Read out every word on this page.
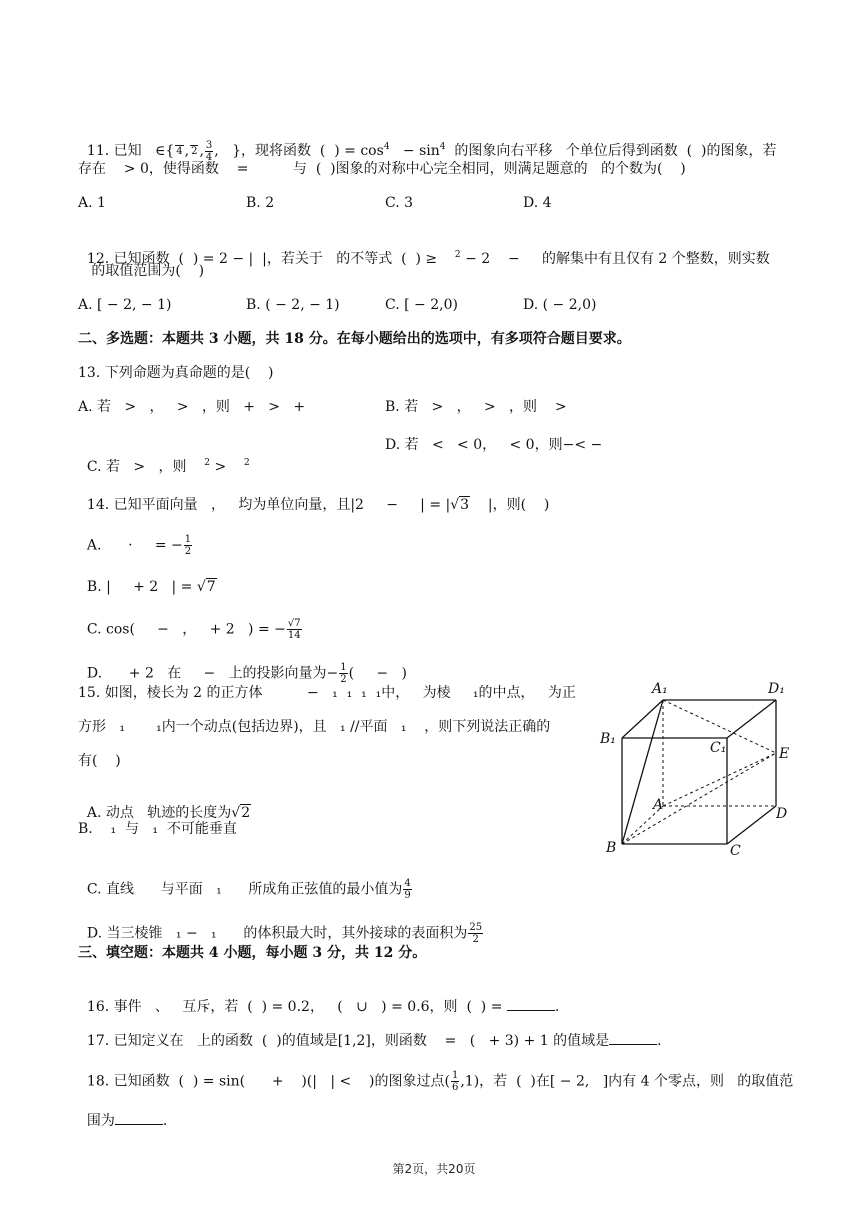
11. 已知   ∈{ 4 , 2 , $\frac{3}{4}$ ,   }，现将函数  (  ) = $\cos^4 - \sin^4$  的图象向右平移   个单位后得到函数  (  )的图象，若

存在    > 0，使得函数    =          与  (  )图象的对称中心完全相同，则满足题意的   的个数为(    )
A. 1	B. 2	C. 3	D. 4

12. 已知函数  (  ) = 2 − |  |，若关于   的不等式  (  ) ≥    $^2$ − 2    −     的解集中有且仅有 2 个整数，则实数

的取值范围为(    )
A. [ − 2, − 1)	B. ( − 2, − 1)	C. [ − 2,0)	D. ( − 2,0)
二、多选题：本题共 3 小题，共 18 分。在每小题给出的选项中，有多项符合题目要求。
13. 下列命题为真命题的是(    )
A. 若   >   ，   >   ，则   +   >   +	B. 若   >   ，   >   ，则    >

C. 若   >   ，则    $^2$ >    $^2$

D. 若   <   < 0，   < 0，则−< −

14. 已知平面向量   ，   均为单位向量，且|2     −     | = |√3    |，则(    )

A.      ·     = − $\frac{1}{2}$

B. |     + 2   | = √7

C. cos(     −   ，   + 2   ) = − $\frac{√7}{14}$

D.      + 2   在     −   上的投影向量为− $\frac{1}{2}$ (     −   )

15. 如图，棱长为 2 的正方体          −   ₁  ₁  ₁  ₁中，   为棱     ₁的中点，   为正
方形   ₁       ₁内一个动点(包括边界)，且   ₁ //平面   ₁    ，则下列说法正确的
有(    )

A. 动点   轨迹的长度为√2

B.    ₁  与   ₁  不可能垂直

C. 直线      与平面   ₁      所成角正弦值的最小值为 $\frac{4}{9}$

D. 当三棱锥   ₁ −   ₁      的体积最大时，其外接球的表面积为 $\frac{25}{2}$

A₁	D₁
B₁
C₁	E
A
D
B	C
三、填空题：本题共 4 小题，每小题 3 分，共 12 分。

16. 事件   、   互斥，若  (  ) = 0.2，   (   ∪   ) = 0.6，则  (  ) =	.

17. 已知定义在   上的函数  (  )的值域是[1,2]，则函数    =   (   + 3) + 1 的值域是	.

18. 已知函数  (  ) = sin(      +    )(|   | <    )的图象过点( $\frac{1}{6} ,1$)，若  (  )在[ − 2,   ]内有 4 个零点，则   的取值范

围为	.

第2页，共20页
